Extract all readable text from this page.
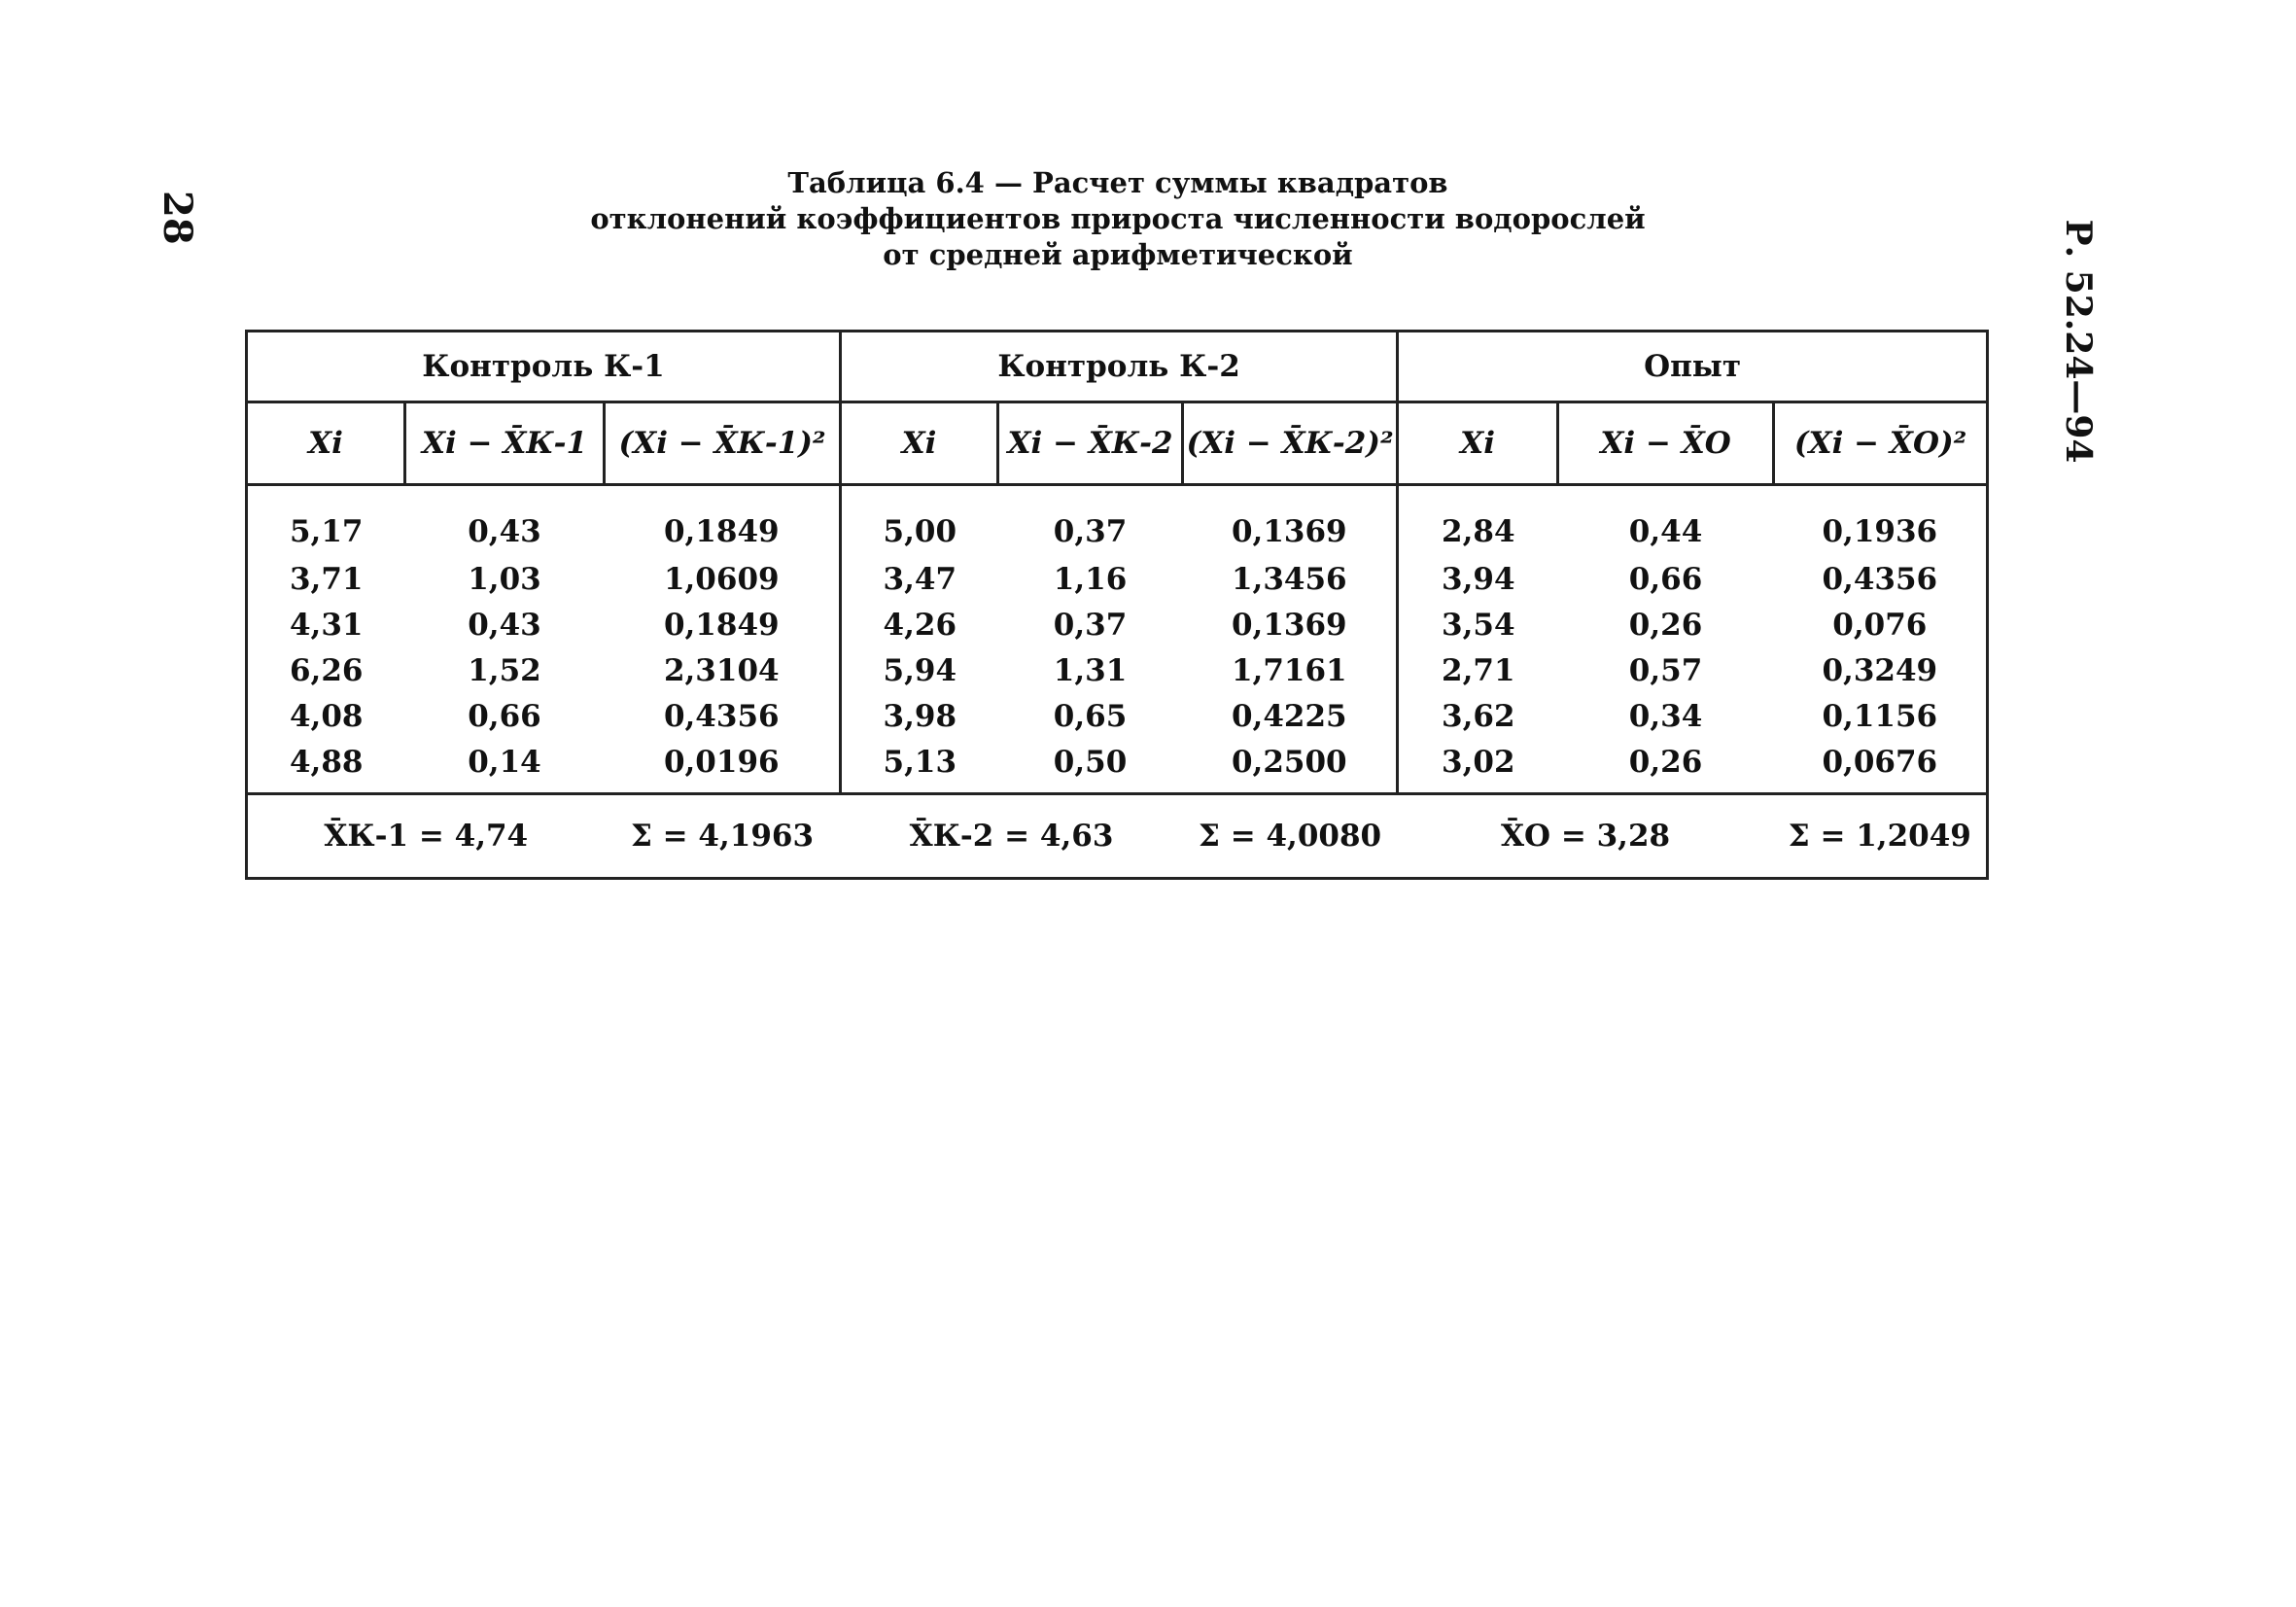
28
Р. 52.24—94
Таблица 6.4 — Расчет суммы квадратов
отклонений коэффициентов прироста численности водорослей
от средней арифметической
Контроль К-1			Контроль К-2			Опыт		
Xi	Xi − X̄К-1	(Xi − X̄К-1)²	Xi	Xi − X̄К-2	(Xi − X̄К-2)²	Xi	Xi − X̄О	(Xi − X̄О)²
5,17	0,43	0,1849	5,00	0,37	0,1369	2,84	0,44	0,1936
3,71	1,03	1,0609	3,47	1,16	1,3456	3,94	0,66	0,4356
4,31	0,43	0,1849	4,26	0,37	0,1369	3,54	0,26	0,076
6,26	1,52	2,3104	5,94	1,31	1,7161	2,71	0,57	0,3249
4,08	0,66	0,4356	3,98	0,65	0,4225	3,62	0,34	0,1156
4,88	0,14	0,0196	5,13	0,50	0,2500	3,02	0,26	0,0676
X̄К-1 = 4,74		Σ = 4,1963	X̄К-2 = 4,63		Σ = 4,0080	X̄О = 3,28		Σ = 1,2049
